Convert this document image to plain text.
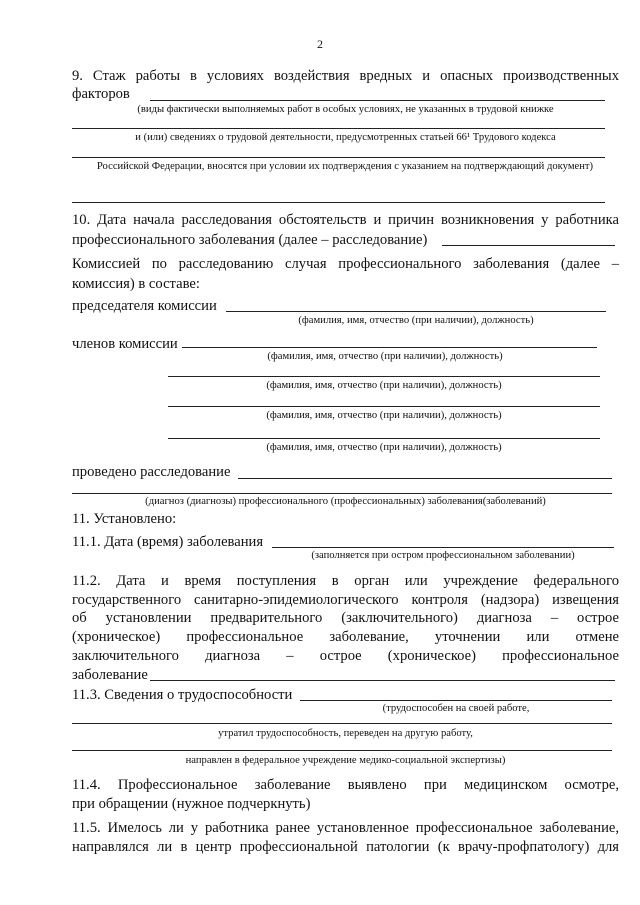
2
9. Стаж работы в условиях воздействия вредных и опасных производственных
факторов
(виды фактически выполняемых работ в особых условиях, не указанных в трудовой книжке
и (или) сведениях о трудовой деятельности, предусмотренных статьей 66¹ Трудового кодекса
Российской Федерации, вносятся при условии их подтверждения с указанием на подтверждающий документ)
10. Дата начала расследования обстоятельств и причин возникновения у работника
профессионального заболевания (далее – расследование)
Комиссией по расследованию случая профессионального заболевания (далее –
комиссия) в составе:
председателя комиссии
(фамилия, имя, отчество (при наличии), должность)
членов комиссии
(фамилия, имя, отчество (при наличии), должность)
(фамилия, имя, отчество (при наличии), должность)
(фамилия, имя, отчество (при наличии), должность)
(фамилия, имя, отчество (при наличии), должность)
проведено расследование
(диагноз (диагнозы) профессионального (профессиональных) заболевания(заболеваний)
11. Установлено:
11.1. Дата (время) заболевания
(заполняется при остром профессиональном заболевании)
11.2. Дата и время поступления в орган или учреждение федерального
государственного санитарно-эпидемиологического контроля (надзора) извещения
об установлении предварительного (заключительного) диагноза – острое
(хроническое) профессиональное заболевание, уточнении или отмене
заключительного диагноза – острое (хроническое) профессиональное
заболевание
11.3. Сведения о трудоспособности
(трудоспособен на своей работе,
утратил трудоспособность, переведен на другую работу,
направлен в федеральное учреждение медико-социальной экспертизы)
11.4. Профессиональное заболевание выявлено при медицинском осмотре,
при обращении (нужное подчеркнуть)
11.5. Имелось ли у работника ранее установленное профессиональное заболевание,
направлялся ли в центр профессиональной патологии (к врачу-профпатологу) для
